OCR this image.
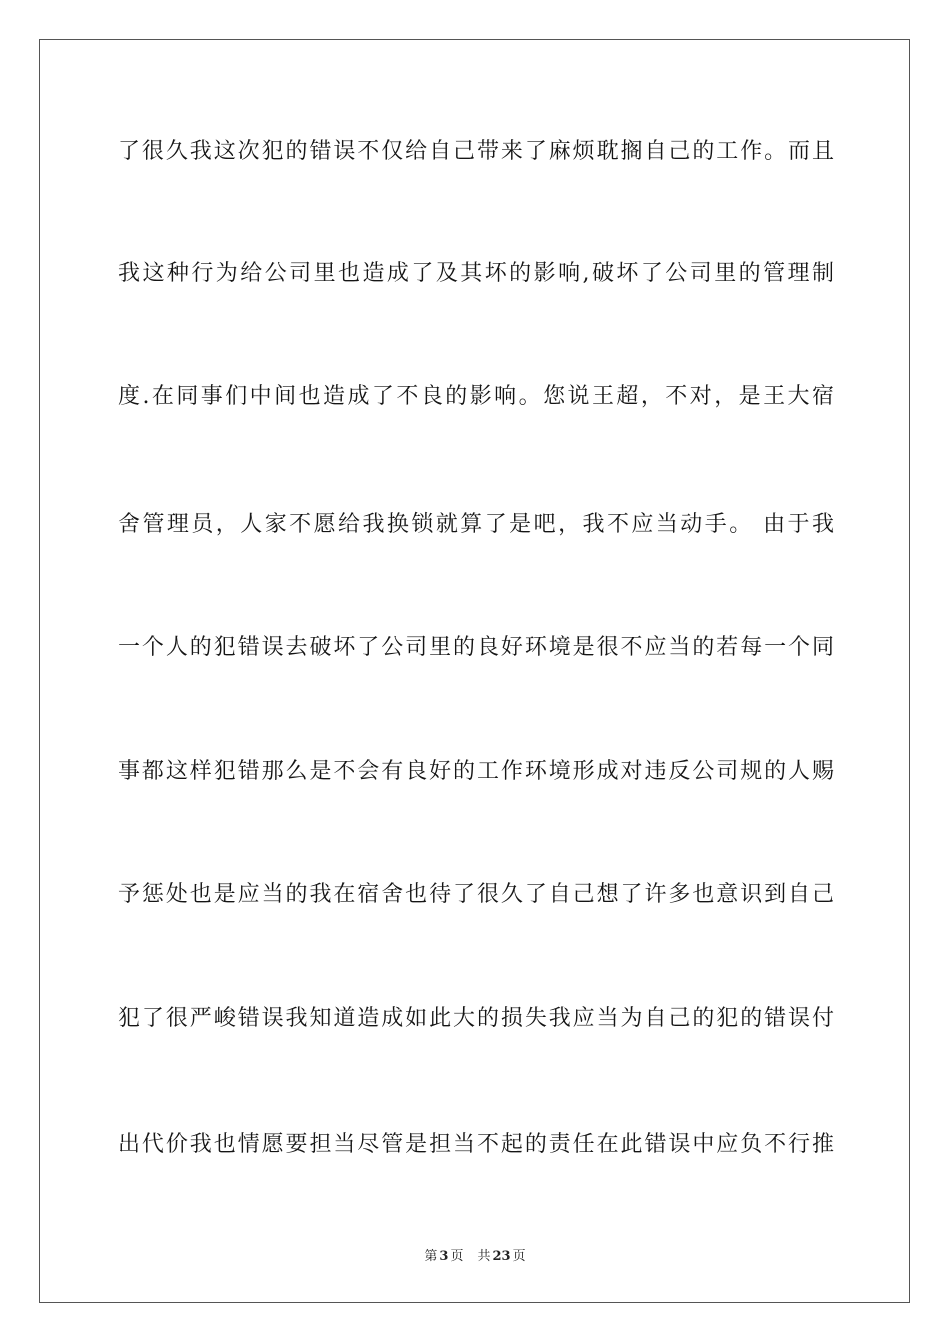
了很久我这次犯的错误不仅给自己带来了麻烦耽搁自己的工作。而且
我这种行为给公司里也造成了及其坏的影响,破坏了公司里的管理制
度.在同事们中间也造成了不良的影响。您说王超，不对，是王大宿
舍管理员，人家不愿给我换锁就算了是吧，我不应当动手。 由于我
一个人的犯错误去破坏了公司里的良好环境是很不应当的若每一个同
事都这样犯错那么是不会有良好的工作环境形成对违反公司规的人赐
予惩处也是应当的我在宿舍也待了很久了自己想了许多也意识到自己
犯了很严峻错误我知道造成如此大的损失我应当为自己的犯的错误付
出代价我也情愿要担当尽管是担当不起的责任在此错误中应负不行推
第 3 页 共 23 页
